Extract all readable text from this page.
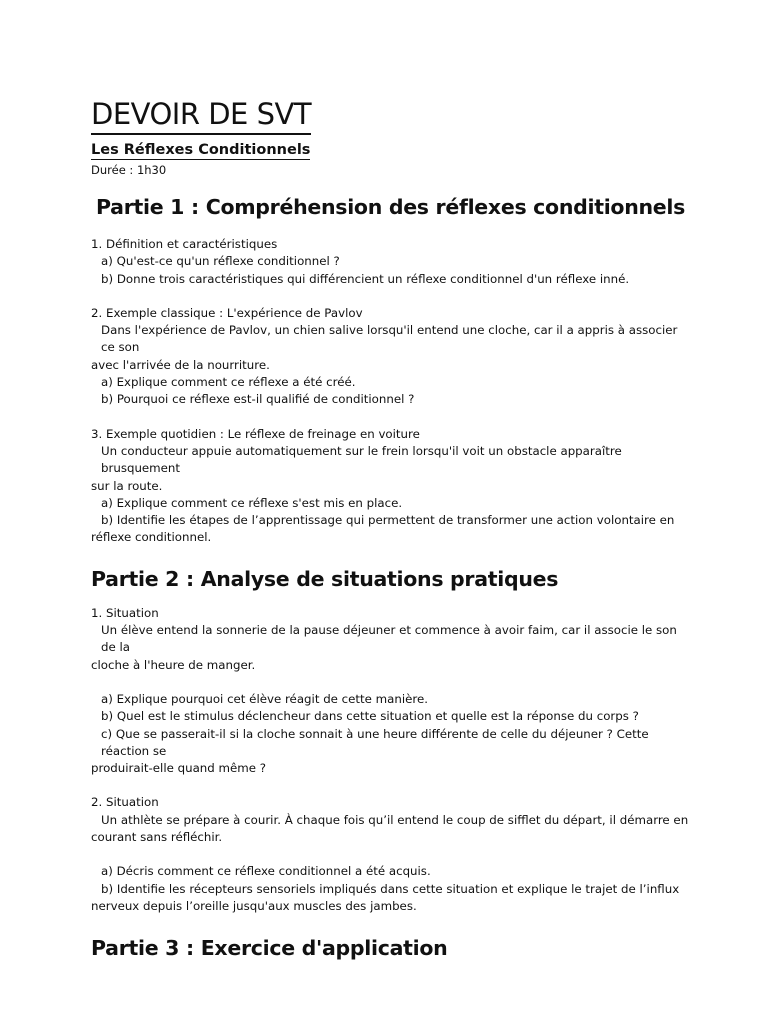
DEVOIR DE SVT
Les Réflexes Conditionnels
Durée : 1h30
Partie 1 : Compréhension des réflexes conditionnels

1. Définition et caractéristiques

a) Qu'est-ce qu'un réflexe conditionnel ?

b) Donne trois caractéristiques qui différencient un réflexe conditionnel d'un réflexe inné.

2. Exemple classique : L'expérience de Pavlov

Dans l'expérience de Pavlov, un chien salive lorsqu'il entend une cloche, car il a appris à associer ce son

avec l'arrivée de la nourriture.

a) Explique comment ce réflexe a été créé.

b) Pourquoi ce réflexe est-il qualifié de conditionnel ?

3. Exemple quotidien : Le réflexe de freinage en voiture

Un conducteur appuie automatiquement sur le frein lorsqu'il voit un obstacle apparaître brusquement

sur la route.

a) Explique comment ce réflexe s'est mis en place.

b) Identifie les étapes de l’apprentissage qui permettent de transformer une action volontaire en

réflexe conditionnel.

Partie 2 : Analyse de situations pratiques

1. Situation

Un élève entend la sonnerie de la pause déjeuner et commence à avoir faim, car il associe le son de la

cloche à l'heure de manger.

a) Explique pourquoi cet élève réagit de cette manière.

b) Quel est le stimulus déclencheur dans cette situation et quelle est la réponse du corps ?

c) Que se passerait-il si la cloche sonnait à une heure différente de celle du déjeuner ? Cette réaction se

produirait-elle quand même ?

2. Situation

Un athlète se prépare à courir. À chaque fois qu’il entend le coup de sifflet du départ, il démarre en

courant sans réfléchir.

a) Décris comment ce réflexe conditionnel a été acquis.

b) Identifie les récepteurs sensoriels impliqués dans cette situation et explique le trajet de l’influx

nerveux depuis l’oreille jusqu'aux muscles des jambes.

Partie 3 : Exercice d'application
